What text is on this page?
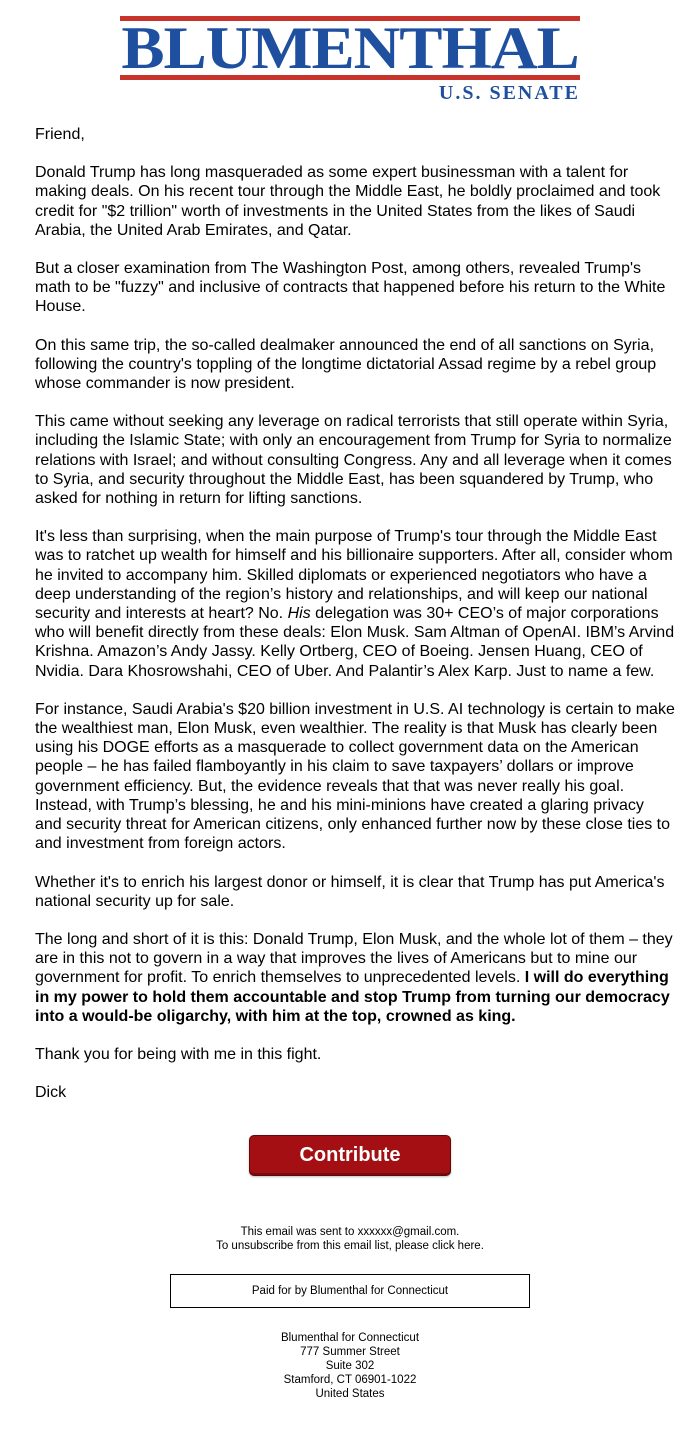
BLUMENTHAL
U.S. SENATE

Friend,

Donald Trump has long masqueraded as some expert businessman with a talent for making deals. On his recent tour through the Middle East, he boldly proclaimed and took credit for "$2 trillion" worth of investments in the United States from the likes of Saudi Arabia, the United Arab Emirates, and Qatar.

But a closer examination from The Washington Post, among others, revealed Trump's math to be "fuzzy" and inclusive of contracts that happened before his return to the White House.

On this same trip, the so-called dealmaker announced the end of all sanctions on Syria, following the country's toppling of the longtime dictatorial Assad regime by a rebel group whose commander is now president.

This came without seeking any leverage on radical terrorists that still operate within Syria, including the Islamic State; with only an encouragement from Trump for Syria to normalize relations with Israel; and without consulting Congress. Any and all leverage when it comes to Syria, and security throughout the Middle East, has been squandered by Trump, who asked for nothing in return for lifting sanctions.

It's less than surprising, when the main purpose of Trump's tour through the Middle East was to ratchet up wealth for himself and his billionaire supporters. After all, consider whom he invited to accompany him. Skilled diplomats or experienced negotiators who have a deep understanding of the region’s history and relationships, and will keep our national security and interests at heart? No. His delegation was 30+ CEO’s of major corporations who will benefit directly from these deals: Elon Musk. Sam Altman of OpenAI. IBM’s Arvind Krishna. Amazon’s Andy Jassy. Kelly Ortberg, CEO of Boeing. Jensen Huang, CEO of Nvidia. Dara Khosrowshahi, CEO of Uber. And Palantir’s Alex Karp. Just to name a few.

For instance, Saudi Arabia's $20 billion investment in U.S. AI technology is certain to make the wealthiest man, Elon Musk, even wealthier. The reality is that Musk has clearly been using his DOGE efforts as a masquerade to collect government data on the American people – he has failed flamboyantly in his claim to save taxpayers’ dollars or improve government efficiency. But, the evidence reveals that that was never really his goal. Instead, with Trump’s blessing, he and his mini-minions have created a glaring privacy and security threat for American citizens, only enhanced further now by these close ties to and investment from foreign actors.

Whether it's to enrich his largest donor or himself, it is clear that Trump has put America's national security up for sale.

The long and short of it is this: Donald Trump, Elon Musk, and the whole lot of them – they are in this not to govern in a way that improves the lives of Americans but to mine our government for profit. To enrich themselves to unprecedented levels. I will do everything in my power to hold them accountable and stop Trump from turning our democracy into a would-be oligarchy, with him at the top, crowned as king.

Thank you for being with me in this fight.

Dick

Contribute
This email was sent to xxxxxx@gmail.com.
To unsubscribe from this email list, please click here.
Paid for by Blumenthal for Connecticut
Blumenthal for Connecticut
777 Summer Street
Suite 302
Stamford, CT 06901-1022
United States
